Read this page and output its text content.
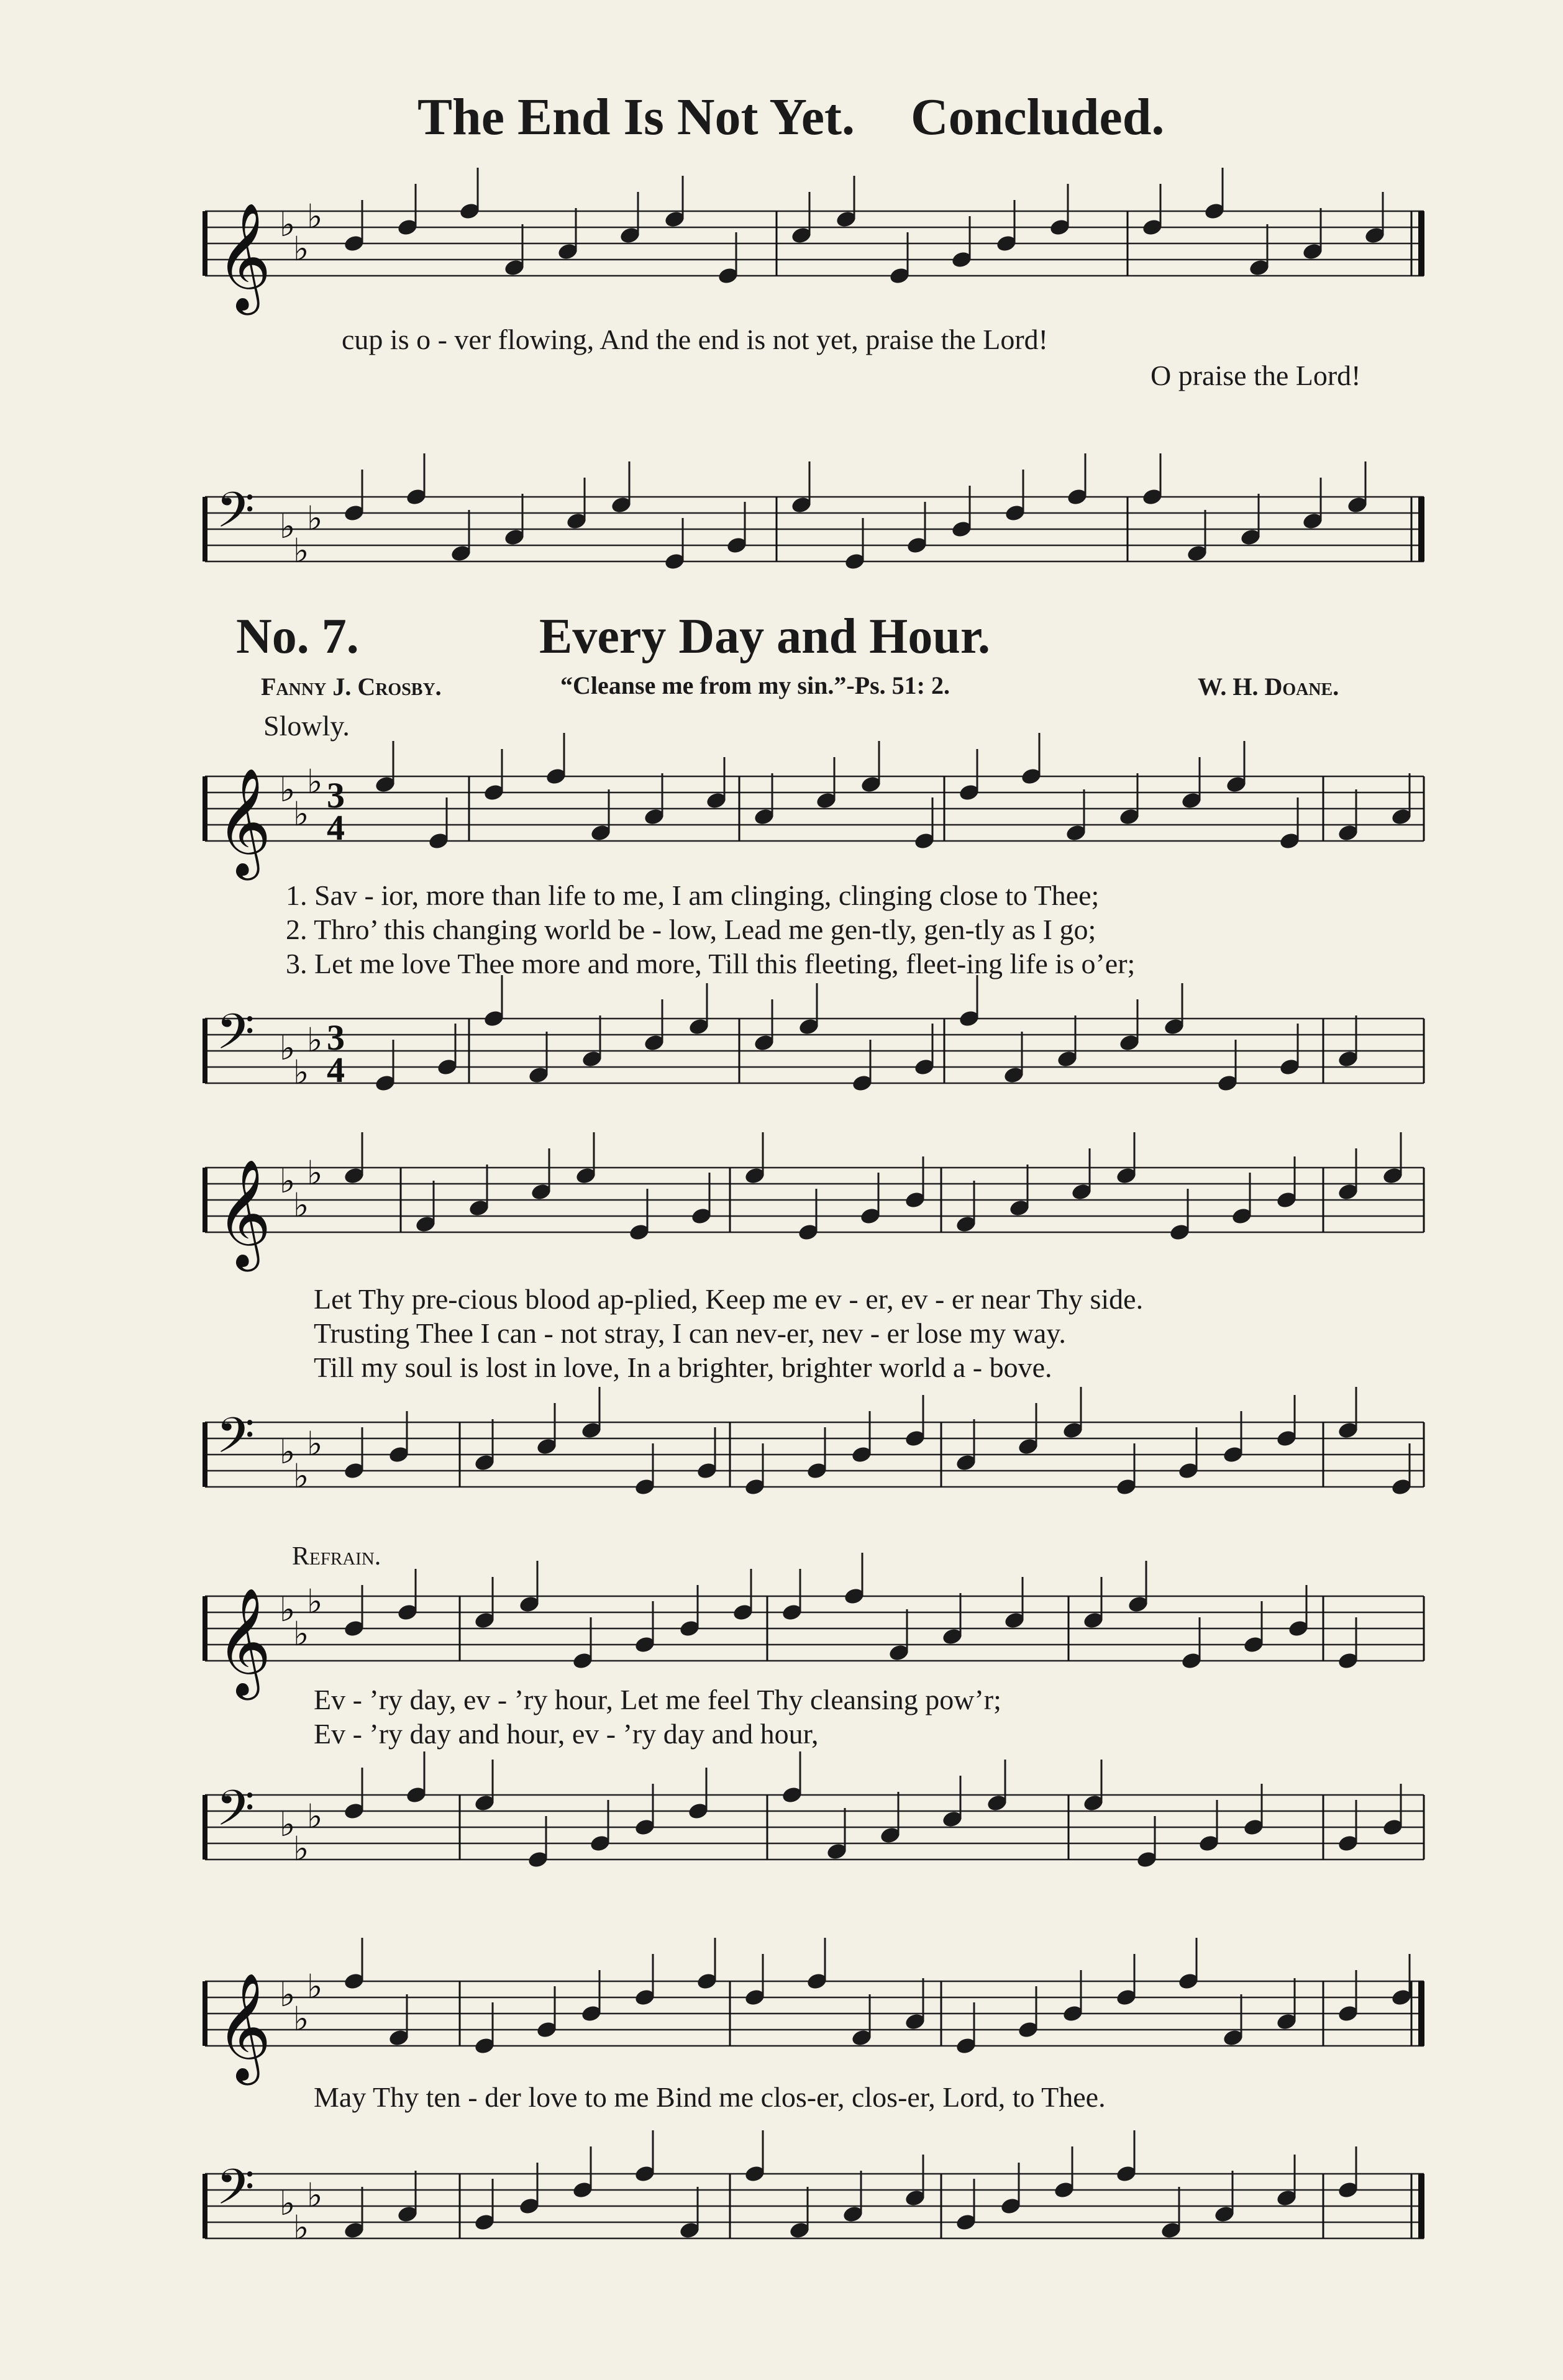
The End Is Not Yet. Concluded.
𝄞 ♭
♭
♭
cup is o - ver flowing, And the end is not yet, praise the Lord!
O praise the Lord!
𝄢 ♭
♭
♭
No. 7.	Every Day and Hour.
Fanny J. Crosby.	“Cleanse me from my sin.”-Ps. 51: 2.	W. H. Doane.
Slowly.
𝄞 ♭
♭
♭ 3
4
1. Sav - ior, more than life to me, I am clinging, clinging close to Thee;
2. Thro’ this changing world be - low, Lead me gen-tly, gen-tly as I go;
3. Let me love Thee more and more, Till this fleeting, fleet-ing life is o’er;
𝄢 ♭
♭
♭ 3
4
𝄞 ♭
♭
♭
Let Thy pre-cious blood ap-plied, Keep me ev - er, ev - er near Thy side.
Trusting Thee I can - not stray, I can nev-er, nev - er lose my way.
Till my soul is lost in love, In a brighter, brighter world a - bove.
𝄢 ♭
♭
♭
Refrain.
𝄞 ♭
♭
♭
Ev - ’ry day, ev - ’ry hour, Let me feel Thy cleansing pow’r;
Ev - ’ry day and hour, ev - ’ry day and hour,
𝄢 ♭
♭
♭
𝄞 ♭
♭
♭
May Thy ten - der love to me Bind me clos-er, clos-er, Lord, to Thee.
𝄢 ♭
♭
♭
